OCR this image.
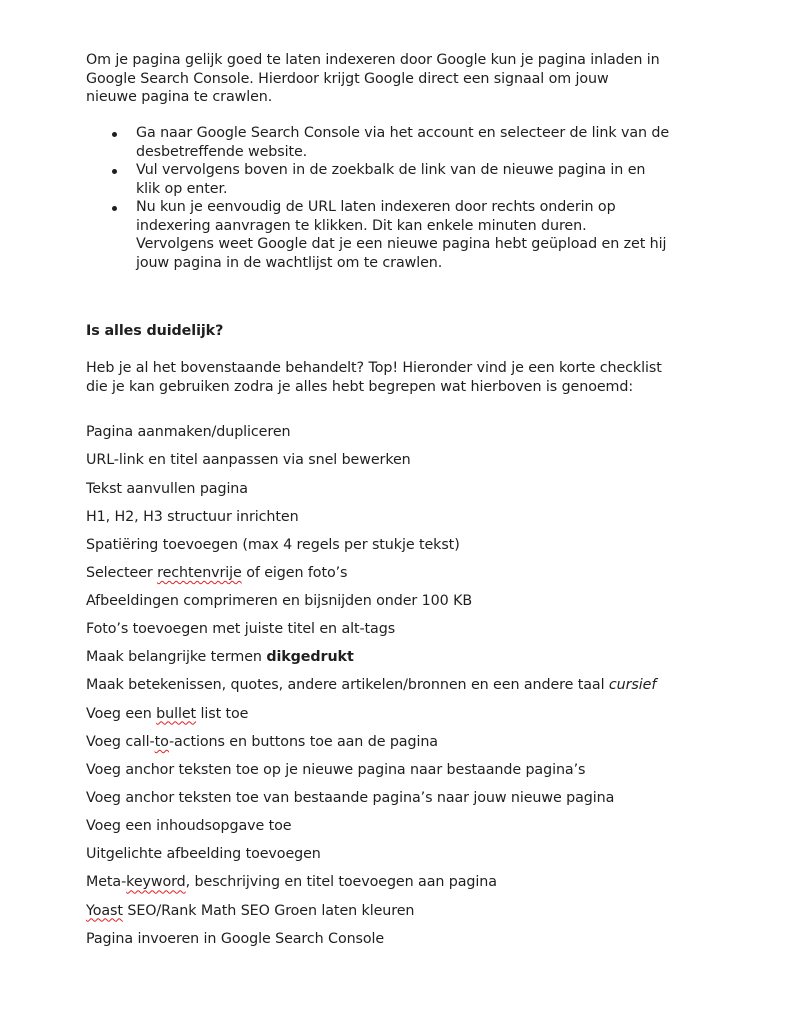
Om je pagina gelijk goed te laten indexeren door Google kun je pagina inladen in
Google Search Console. Hierdoor krijgt Google direct een signaal om jouw
nieuwe pagina te crawlen.

Ga naar Google Search Console via het account en selecteer de link van de
desbetreffende website.
Vul vervolgens boven in de zoekbalk de link van de nieuwe pagina in en
klik op enter.
Nu kun je eenvoudig de URL laten indexeren door rechts onderin op
indexering aanvragen te klikken. Dit kan enkele minuten duren.
Vervolgens weet Google dat je een nieuwe pagina hebt geüpload en zet hij
jouw pagina in de wachtlijst om te crawlen.
Is alles duidelijk?

Heb je al het bovenstaande behandelt? Top! Hieronder vind je een korte checklist
die je kan gebruiken zodra je alles hebt begrepen wat hierboven is genoemd:

Pagina aanmaken/dupliceren
URL-link en titel aanpassen via snel bewerken
Tekst aanvullen pagina
H1, H2, H3 structuur inrichten
Spatiëring toevoegen (max 4 regels per stukje tekst)
Selecteer rechtenvrije of eigen foto’s
Afbeeldingen comprimeren en bijsnijden onder 100 KB
Foto’s toevoegen met juiste titel en alt-tags
Maak belangrijke termen dikgedrukt
Maak betekenissen, quotes, andere artikelen/bronnen en een andere taal cursief
Voeg een bullet list toe
Voeg call-to-actions en buttons toe aan de pagina
Voeg anchor teksten toe op je nieuwe pagina naar bestaande pagina’s
Voeg anchor teksten toe van bestaande pagina’s naar jouw nieuwe pagina
Voeg een inhoudsopgave toe
Uitgelichte afbeelding toevoegen
Meta-keyword, beschrijving en titel toevoegen aan pagina
Yoast SEO/Rank Math SEO Groen laten kleuren
Pagina invoeren in Google Search Console
